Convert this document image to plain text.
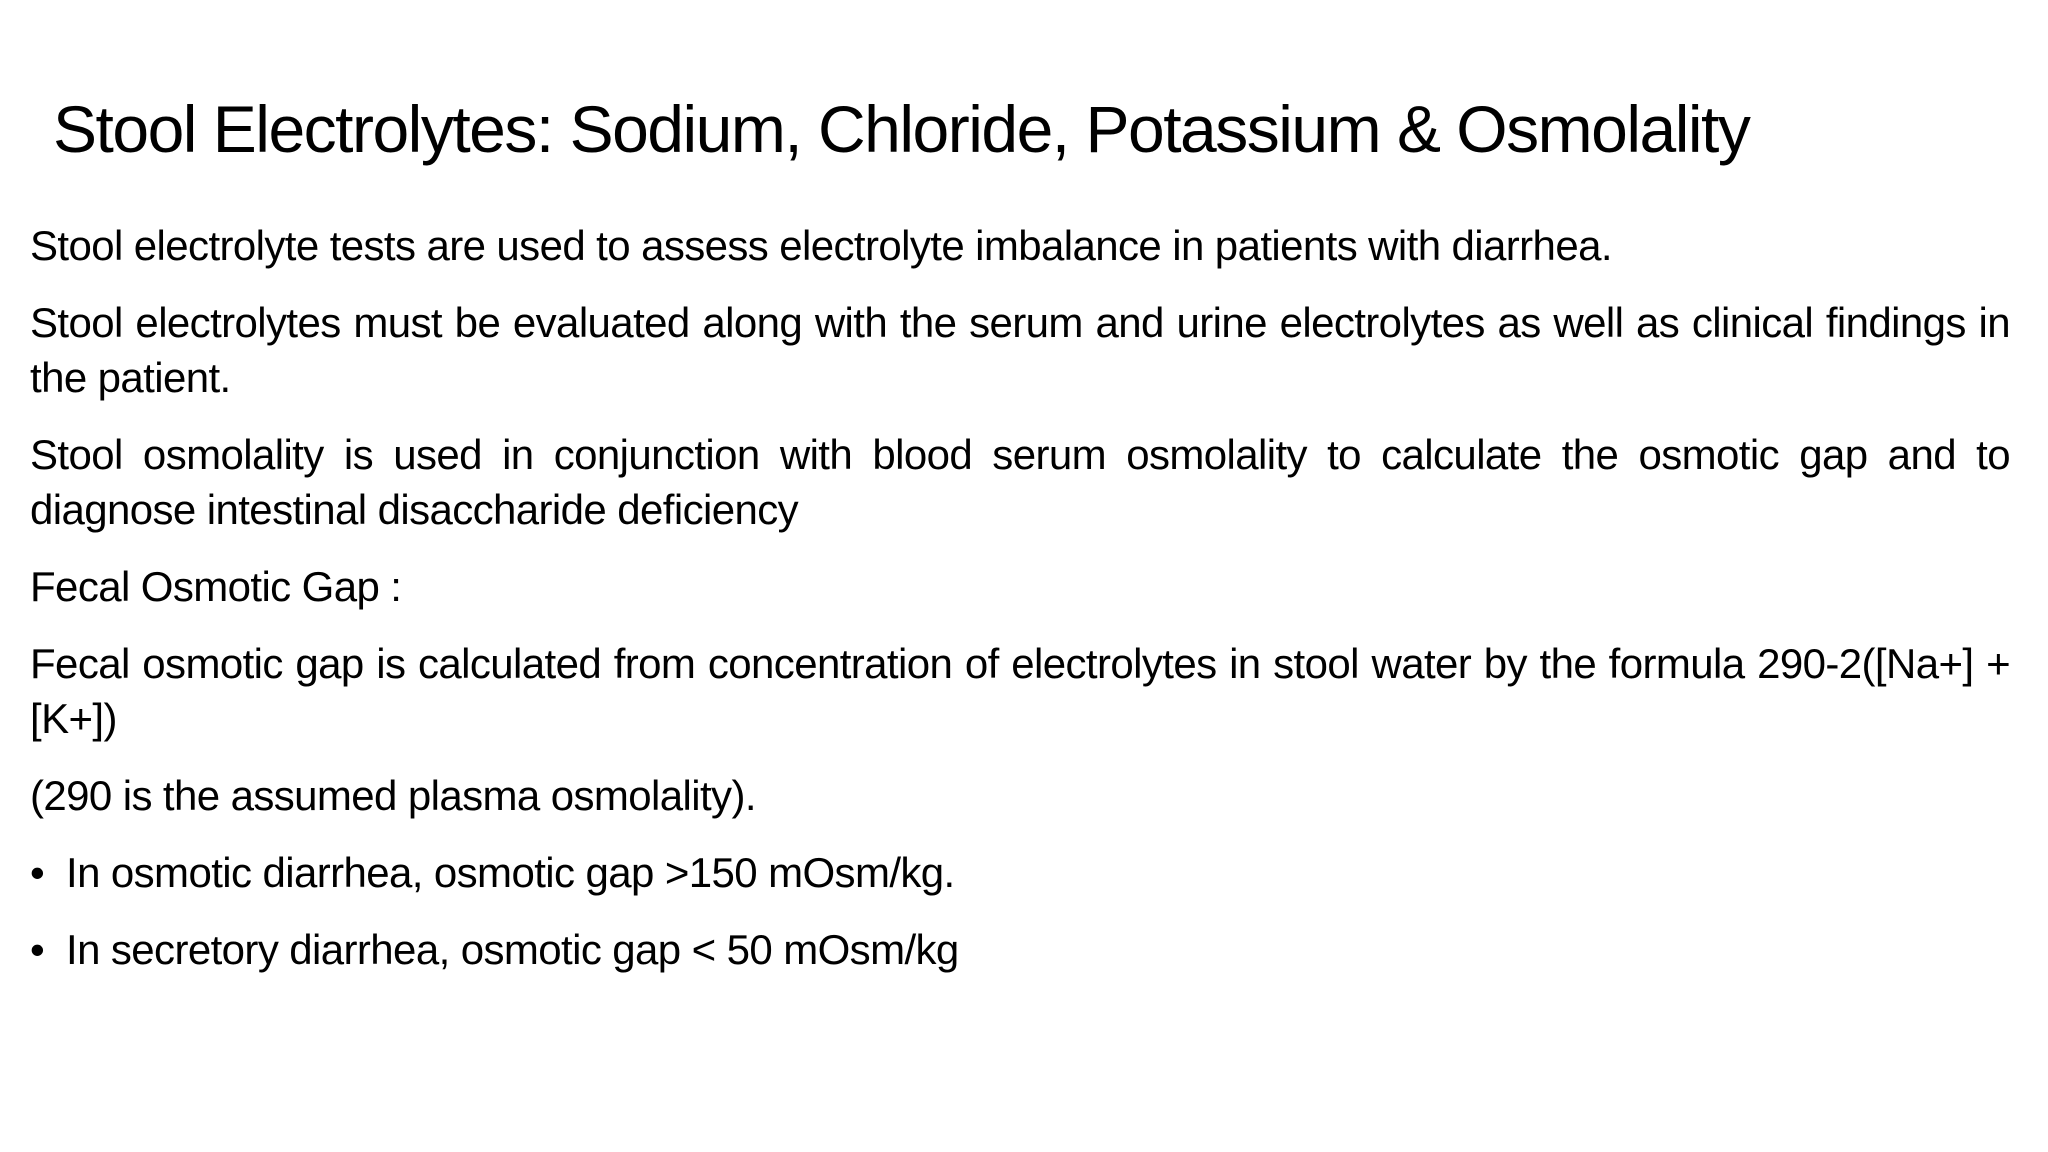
Stool Electrolytes: Sodium, Chloride, Potassium & Osmolality

Stool electrolyte tests are used to assess electrolyte imbalance in patients with diarrhea.

Stool electrolytes must be evaluated along with the serum and urine electrolytes as well as clinical findings in the patient.

Stool osmolality is used in conjunction with blood serum osmolality to calculate the osmotic gap and to diagnose intestinal disaccharide deficiency

Fecal Osmotic Gap :

Fecal osmotic gap is calculated from concentration of electrolytes in stool water by the formula 290-2([Na+] + [K+])

(290 is the assumed plasma osmolality).

• In osmotic diarrhea, osmotic gap >150 mOsm/kg.
• In secretory diarrhea, osmotic gap < 50 mOsm/kg
